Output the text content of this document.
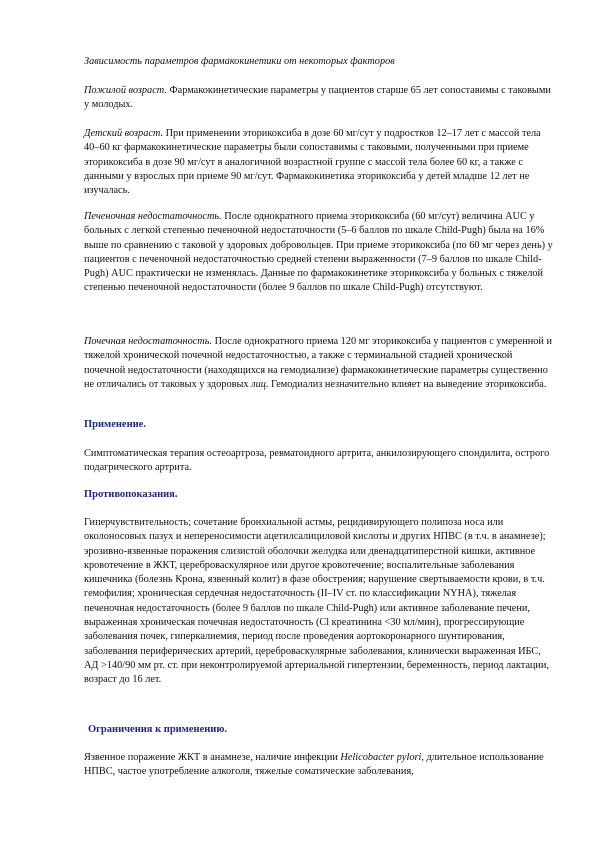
Зависимость параметров фармакокинетики от некоторых факторов

Пожилой возраст. Фармакокинетические параметры у пациентов старше 65 лет сопоставимы с таковыми у молодых.

Детский возраст. При применении эторикоксиба в дозе 60 мг/сут у подростков 12–17 лет с массой тела 40–60 кг фармакокинетические параметры были сопоставимы с таковыми, полученными при приеме эторикоксиба в дозе 90 мг/сут в аналогичной возрастной группе с массой тела более 60 кг, а также с данными у взрослых при приеме 90 мг/сут. Фармакокинетика эторикоксиба у детей младше 12 лет не изучалась.

Печеночная недостаточность. После однократного приема эторикоксиба (60 мг/сут) величина AUC у больных с легкой степенью печеночной недостаточности (5–6 баллов по шкале Child-Pugh) была на 16% выше по сравнению с таковой у здоровых добровольцев. При приеме эторикоксиба (по 60 мг через день) у пациентов с печеночной недостаточностью средней степени выраженности (7–9 баллов по шкале Child-Pugh) AUC практически не изменялась. Данные по фармакокинетике эторикоксиба у больных с тяжелой степенью печеночной недостаточности (более 9 баллов по шкале Child-Pugh) отсутствуют.

Почечная недостаточность. После однократного приема 120 мг эторикоксиба у пациентов с умеренной и тяжелой хронической почечной недостаточностью, а также с терминальной стадией хронической почечной недостаточности (находящихся на гемодиализе) фармакокинетические параметры существенно не отличались от таковых у здоровых лиц. Гемодиализ незначительно влияет на выведение эторикоксиба.

Применение.

Симптоматическая терапия остеоартроза, ревматоидного артрита, анкилозирующего спондилита, острого подагрического артрита.

Противопоказания.

Гиперчувствительность; сочетание бронхиальной астмы, рецидивирующего полипоза носа или околоносовых пазух и непереносимости ацетилсалициловой кислоты и других НПВС (в т.ч. в анамнезе); эрозивно-язвенные поражения слизистой оболочки желудка или двенадцатиперстной кишки, активное кровотечение в ЖКТ, цереброваскулярное или другое кровотечение; воспалительные заболевания кишечника (болезнь Крона, язвенный колит) в фазе обострения; нарушение свертываемости крови, в т.ч. гемофилия; хроническая сердечная недостаточность (II–IV ст. по классификации NYHA), тяжелая печеночная недостаточность (более 9 баллов по шкале Child-Pugh) или активное заболевание печени, выраженная хроническая почечная недостаточность (Cl креатинина <30 мл/мин), прогрессирующие заболевания почек, гиперкалиемия, период после проведения аортокоронарного шунтирования, заболевания периферических артерий, цереброваскулярные заболевания, клинически выраженная ИБС, АД >140/90 мм рт. ст. при неконтролируемой артериальной гипертензии, беременность, период лактации, возраст до 16 лет.

Ограничения к применению.

Язвенное поражение ЖКТ в анамнезе, наличие инфекции Helicobacter pylori, длительное использование НПВС, частое употребление алкоголя, тяжелые соматические заболевания,
